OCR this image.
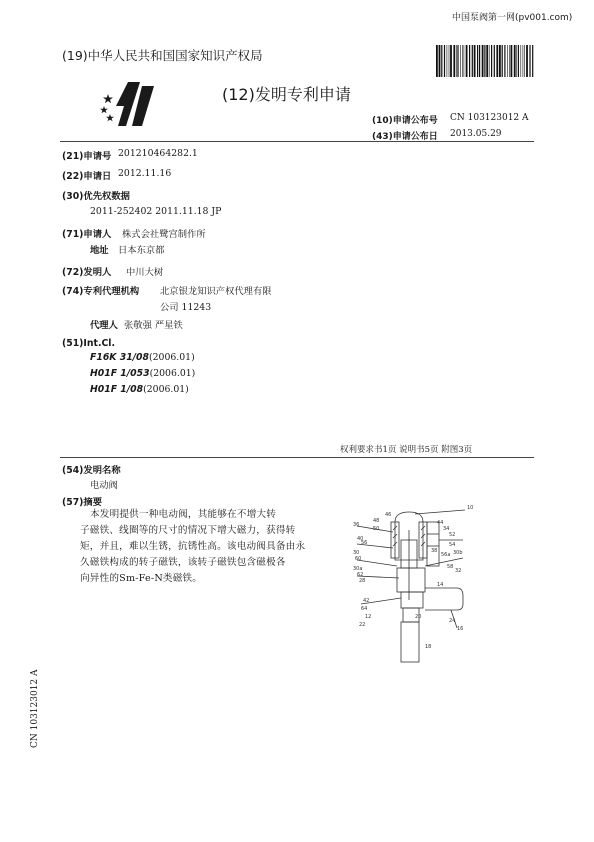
中国泵阀第一网(pv001.com)
(19)中华人民共和国国家知识产权局
(12)发明专利申请
(10)申请公布号 CN 103123012 A
(43)申请公布日 2013.05.29
(21)申请号 201210464282.1
(22)申请日 2012.11.16
(30)优先权数据
2011-252402 2011.11.18 JP
(71)申请人 株式会社鹭宫制作所
地址 日本东京都
(72)发明人 中川大树
(74)专利代理机构 北京银龙知识产权代理有限
公司 11243
代理人 张敬强 严星铁
(51)Int.Cl.
F16K 31/08(2006.01)
H01F 1/053(2006.01)
H01F 1/08(2006.01)
权利要求书1页 说明书5页 附图3页
(54)发明名称
电动阀
(57)摘要
本发明提供一种电动阀，其能够在不增大转
子磁铁、线圈等的尺寸的情况下增大磁力，获得转
矩，并且，难以生锈，抗锈性高。该电动阀具备由永
久磁铁构成的转子磁铁，该转子磁铁包含磁极各
向异性的Sm-Fe-N类磁铁。
CN 103123012 A
10
46
44
34
48
50
36
52
54
40
56
38
56a 30b
30
60
30a
62
28
58
32
14
42
64
12	20
22
24
16
18
